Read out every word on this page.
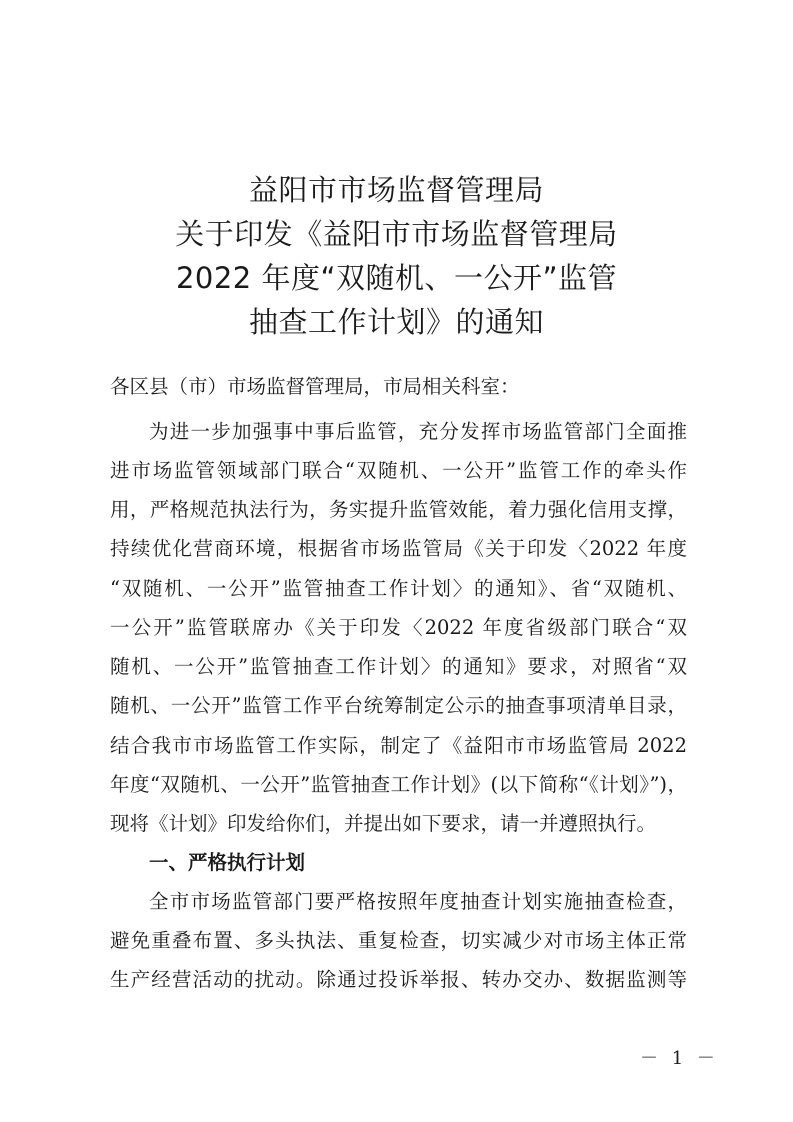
益阳市市场监督管理局
关于印发《益阳市市场监督管理局
2022 年度“双随机、一公开”监管
抽查工作计划》的通知
各区县（市）市场监督管理局，市局相关科室：
为进一步加强事中事后监管，充分发挥市场监管部门全面推
进市场监管领域部门联合“双随机、一公开”监管工作的牵头作
用，严格规范执法行为，务实提升监管效能，着力强化信用支撑，
持续优化营商环境，根据省市场监管局《关于印发〈2022 年度
“双随机、一公开”监管抽查工作计划〉的通知》、省“双随机、
一公开”监管联席办《关于印发〈2022 年度省级部门联合“双
随机、一公开”监管抽查工作计划〉的通知》要求，对照省“双
随机、一公开”监管工作平台统筹制定公示的抽查事项清单目录，
结合我市市场监管工作实际，制定了《益阳市市场监管局 2022
年度“双随机、一公开”监管抽查工作计划》(以下简称“《计划》”)，
现将《计划》印发给你们，并提出如下要求，请一并遵照执行。
一、严格执行计划
全市市场监管部门要严格按照年度抽查计划实施抽查检查，
避免重叠布置、多头执法、重复检查，切实减少对市场主体正常
生产经营活动的扰动。除通过投诉举报、转办交办、数据监测等
－ 1 －
